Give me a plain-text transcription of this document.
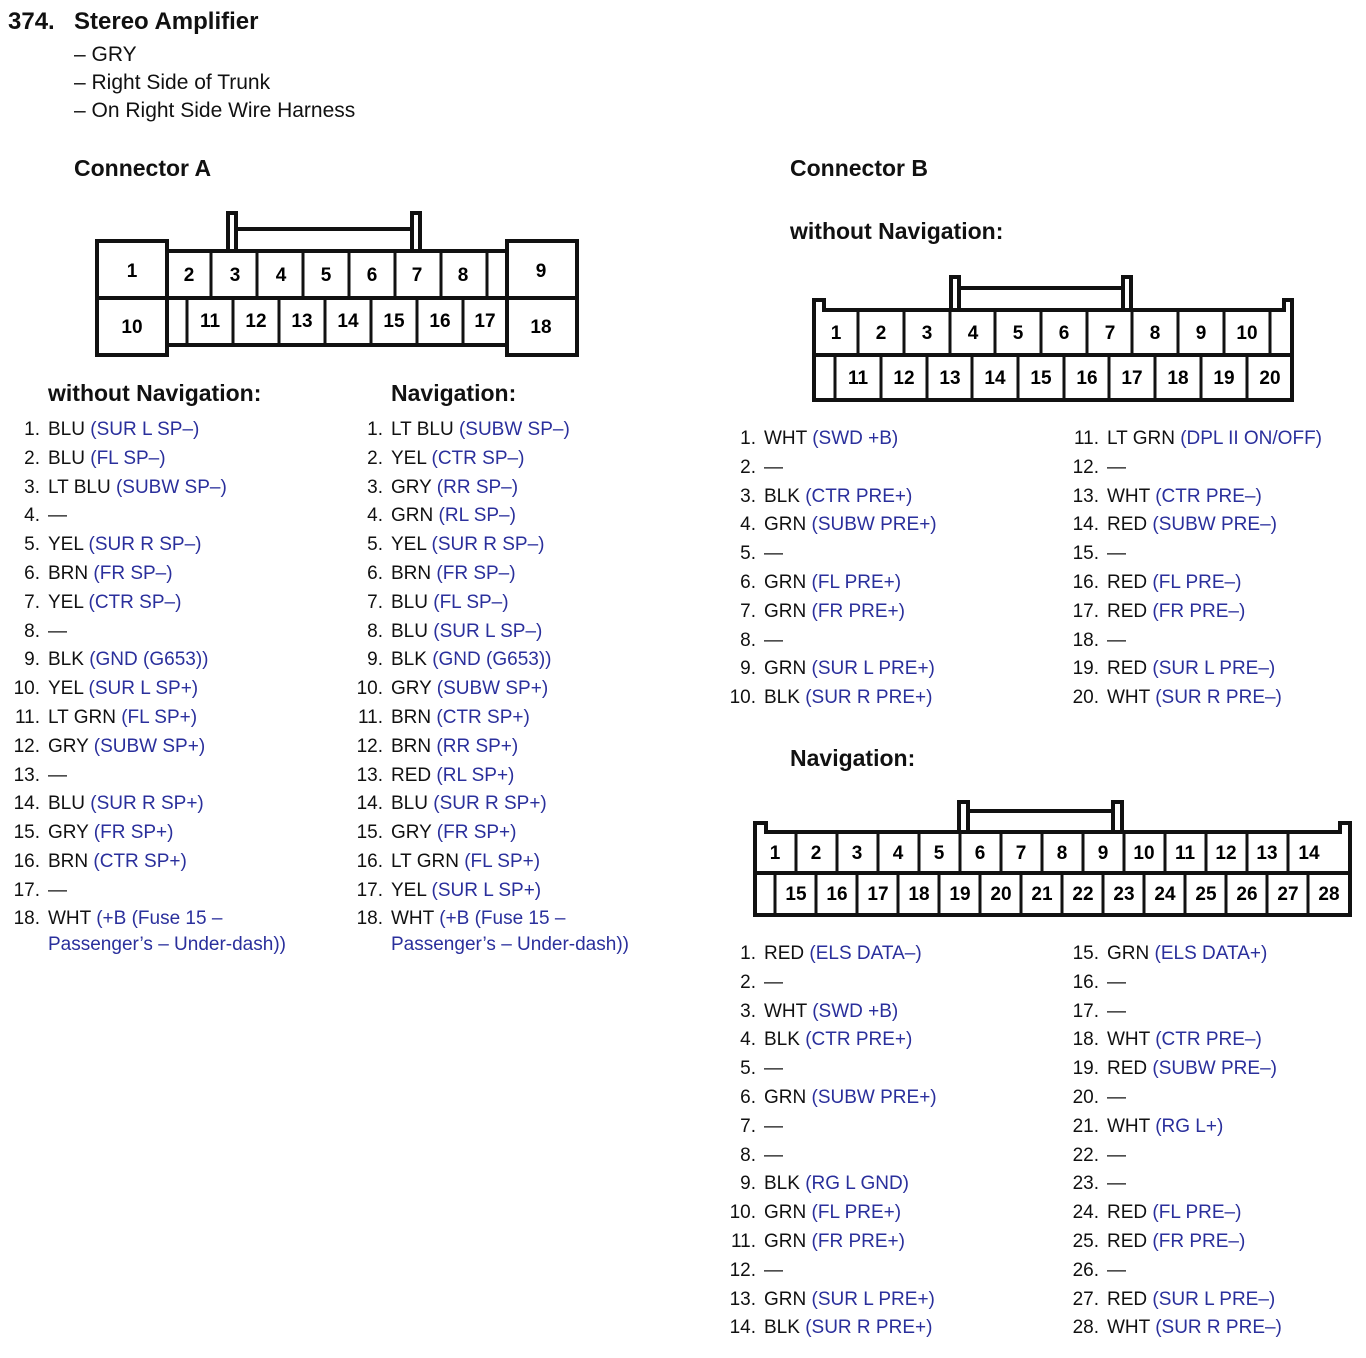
374. Stereo Amplifier
– GRY
– Right Side of Trunk
– On Right Side Wire Harness
Connector A
1 2 3 4 5 6 7 8	9
10	11 12 13 14 15 16 17 18
without Navigation:	Navigation:
1. BLU (SUR L SP–)
2. BLU (FL SP–)
3. LT BLU (SUBW SP–)
4. —
5. YEL (SUR R SP–)
6. BRN (FR SP–)
7. YEL (CTR SP–)
8. —
9. BLK (GND (G653))
10. YEL (SUR L SP+)
11. LT GRN (FL SP+)
12. GRY (SUBW SP+)
13. —
14. BLU (SUR R SP+)
15. GRY (FR SP+)
16. BRN (CTR SP+)
17. —
18. WHT (+B (Fuse 15 –
Passenger’s – Under-dash))
1. LT BLU (SUBW SP–)
2. YEL (CTR SP–)
3. GRY (RR SP–)
4. GRN (RL SP–)
5. YEL (SUR R SP–)
6. BRN (FR SP–)
7. BLU (FL SP–)
8. BLU (SUR L SP–)
9. BLK (GND (G653))
10. GRY (SUBW SP+)
11. BRN (CTR SP+)
12. BRN (RR SP+)
13. RED (RL SP+)
14. BLU (SUR R SP+)
15. GRY (FR SP+)
16. LT GRN (FL SP+)
17. YEL (SUR L SP+)
18. WHT (+B (Fuse 15 –
Passenger’s – Under-dash))
Connector B
without Navigation:
1 2 3 4 5 6 7 8 9 10
11 12 13 14 15 16 17 18 19 20
1. WHT (SWD +B)
2. —
3. BLK (CTR PRE+)
4. GRN (SUBW PRE+)
5. —
6. GRN (FL PRE+)
7. GRN (FR PRE+)
8. —
9. GRN (SUR L PRE+)
10. BLK (SUR R PRE+)
11. LT GRN (DPL II ON/OFF)
12. —
13. WHT (CTR PRE–)
14. RED (SUBW PRE–)
15. —
16. RED (FL PRE–)
17. RED (FR PRE–)
18. —
19. RED (SUR L PRE–)
20. WHT (SUR R PRE–)
Navigation:
1 2 3 4 5 6 7 8 9 10 11 12 13 14
15 16 17 18 19 20 21 22 23 24 25 26 27 28
1. RED (ELS DATA–)
2. —
3. WHT (SWD +B)
4. BLK (CTR PRE+)
5. —
6. GRN (SUBW PRE+)
7. —
8. —
9. BLK (RG L GND)
10. GRN (FL PRE+)
11. GRN (FR PRE+)
12. —
13. GRN (SUR L PRE+)
14. BLK (SUR R PRE+)
15. GRN (ELS DATA+)
16. —
17. —
18. WHT (CTR PRE–)
19. RED (SUBW PRE–)
20. —
21. WHT (RG L+)
22. —
23. —
24. RED (FL PRE–)
25. RED (FR PRE–)
26. —
27. RED (SUR L PRE–)
28. WHT (SUR R PRE–)
